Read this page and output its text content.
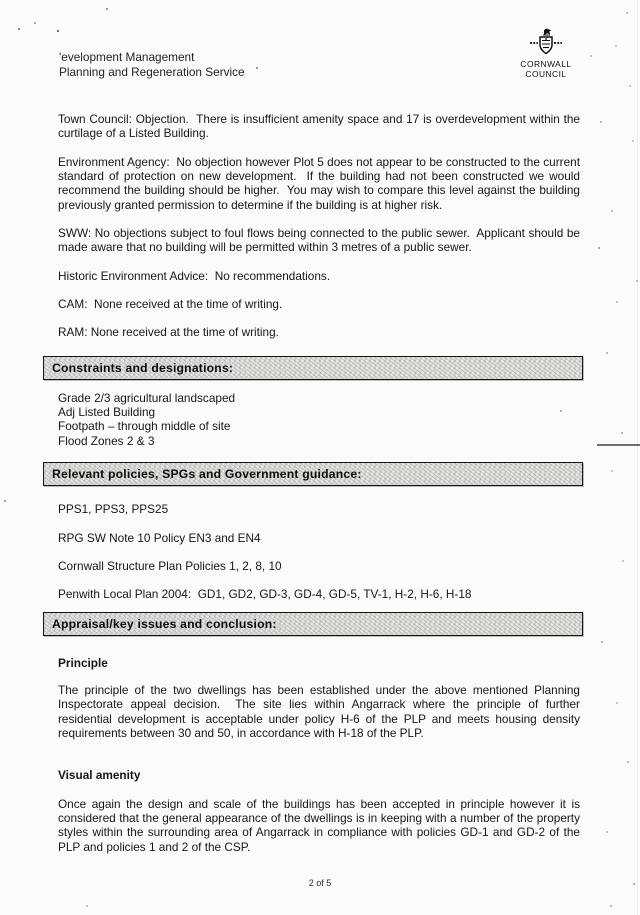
'evelopment Management
Planning and Regeneration Service
CORNWALL
COUNCIL

Town Council: Objection.  There is insufficient amenity space and 17 is overdevelopment within the curtilage of a Listed Building.

Environment Agency:  No objection however Plot 5 does not appear to be constructed to the current standard of protection on new development.  If the building had not been constructed we would recommend the building should be higher.  You may wish to compare this level against the building previously granted permission to determine if the building is at higher risk.

SWW: No objections subject to foul flows being connected to the public sewer.  Applicant should be made aware that no building will be permitted within 3 metres of a public sewer.

Historic Environment Advice:  No recommendations.

CAM:  None received at the time of writing.

RAM: None received at the time of writing.

Constraints and designations:
Grade 2/3 agricultural landscaped
Adj Listed Building
Footpath – through middle of site
Flood Zones 2 & 3
Relevant policies, SPGs and Government guidance:

PPS1, PPS3, PPS25

RPG SW Note 10 Policy EN3 and EN4

Cornwall Structure Plan Policies 1, 2, 8, 10

Penwith Local Plan 2004:  GD1, GD2, GD-3, GD-4, GD-5, TV-1, H-2, H-6, H-18

Appraisal/key issues and conclusion:
Principle

The principle of the two dwellings has been established under the above mentioned Planning Inspectorate appeal decision.  The site lies within Angarrack where the principle of further residential development is acceptable under policy H-6 of the PLP and meets housing density requirements between 30 and 50, in accordance with H-18 of the PLP.

Visual amenity

Once again the design and scale of the buildings has been accepted in principle however it is considered that the general appearance of the dwellings is in keeping with a number of the property styles within the surrounding area of Angarrack in compliance with policies GD-1 and GD-2 of the PLP and policies 1 and 2 of the CSP.

2 of 5
